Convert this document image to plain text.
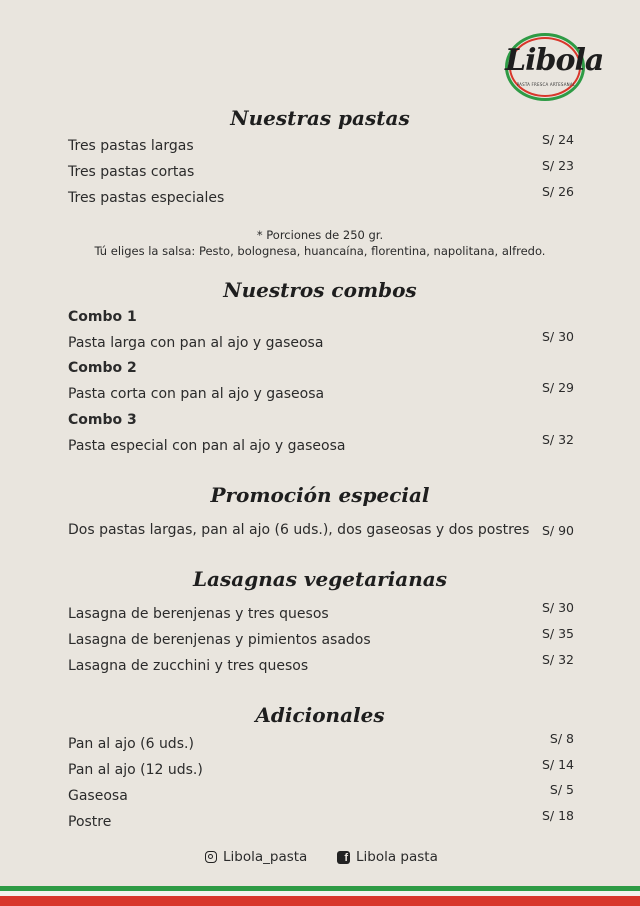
Libola
PASTA FRESCA ARTESANAL
Nuestras pastas
Tres pastas largas	S/ 24
Tres pastas cortas	S/ 23
Tres pastas especiales	S/ 26
* Porciones de 250 gr.
Tú eliges la salsa: Pesto, bolognesa, huancaína, florentina, napolitana, alfredo.
Nuestros combos
Combo 1
Pasta larga con pan al ajo y gaseosa	S/ 30
Combo 2
Pasta corta con pan al ajo y gaseosa	S/ 29
Combo 3
Pasta especial con pan al ajo y gaseosa	S/ 32
Promoción especial
Dos pastas largas, pan al ajo (6 uds.), dos gaseosas y dos postres S/ 90
Lasagnas vegetarianas
Lasagna de berenjenas y tres quesos	S/ 30
Lasagna de berenjenas y pimientos asados	S/ 35
Lasagna de zucchini y tres quesos	S/ 32
Adicionales
Pan al ajo (6 uds.)	S/ 8
Pan al ajo (12 uds.)	S/ 14
Gaseosa	S/ 5
Postre	S/ 18
Libola_pasta	f Libola pasta
